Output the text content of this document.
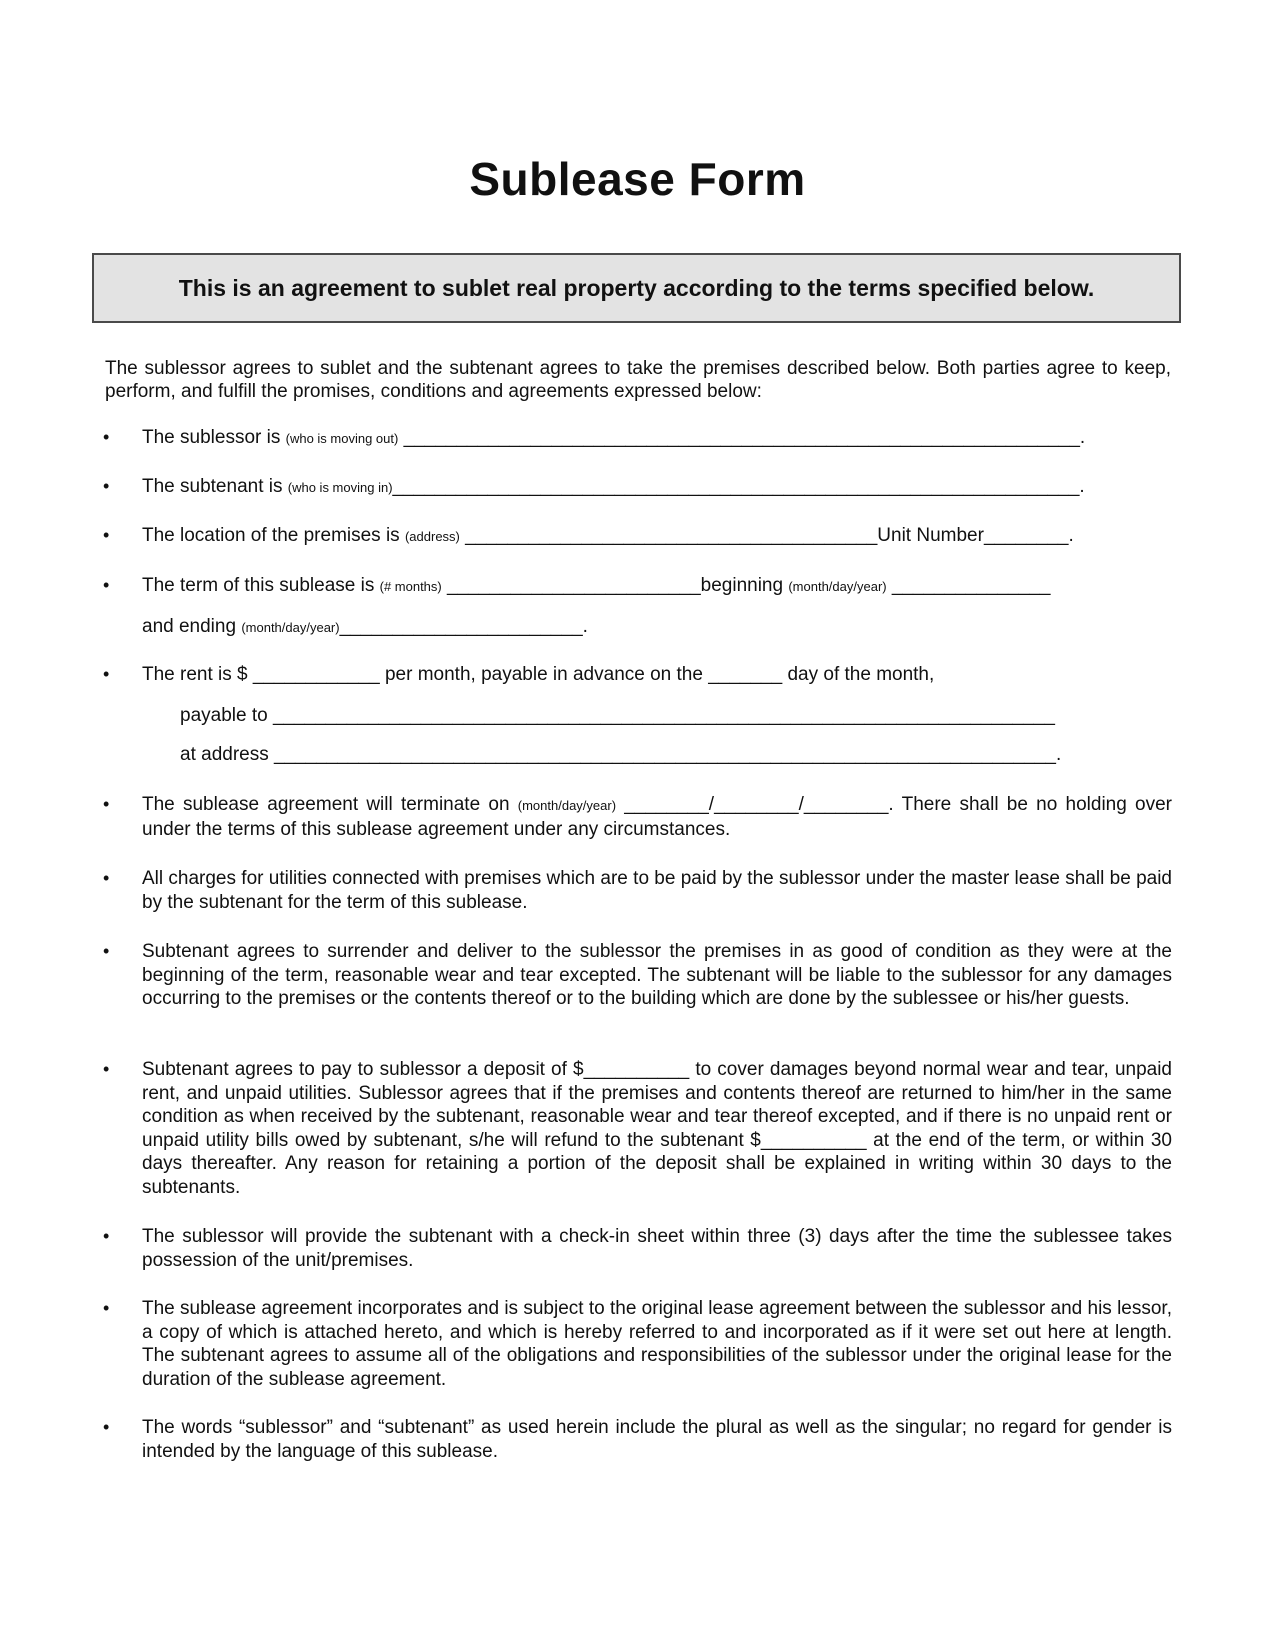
Sublease Form
This is an agreement to sublet real property according to the terms specified below.
The sublessor agrees to sublet and the subtenant agrees to take the premises described below. Both parties agree to keep, perform, and fulfill the promises, conditions and agreements expressed below:
• The sublessor is (who is moving out) ________________________________________________________________.
• The subtenant is (who is moving in)_________________________________________________________________.
• The location of the premises is (address) _______________________________________Unit Number________.
• The term of this sublease is (# months) ________________________beginning (month/day/year) _______________
and ending (month/day/year)_______________________.
• The rent is $ ____________ per month, payable in advance on the _______ day of the month,
payable to __________________________________________________________________________
at address __________________________________________________________________________.
• The sublease agreement will terminate on (month/day/year) ________/________/________. There shall be no holding over under the terms of this sublease agreement under any circumstances.
• All charges for utilities connected with premises which are to be paid by the sublessor under the master lease shall be paid by the subtenant for the term of this sublease.
• Subtenant agrees to surrender and deliver to the sublessor the premises in as good of condition as they were at the beginning of the term, reasonable wear and tear excepted. The subtenant will be liable to the sublessor for any damages occurring to the premises or the contents thereof or to the building which are done by the sublessee or his/her guests.
• Subtenant agrees to pay to sublessor a deposit of $__________ to cover damages beyond normal wear and tear, unpaid rent, and unpaid utilities. Sublessor agrees that if the premises and contents thereof are returned to him/her in the same condition as when received by the subtenant, reasonable wear and tear thereof excepted, and if there is no unpaid rent or unpaid utility bills owed by subtenant, s/he will refund to the subtenant $__________ at the end of the term, or within 30 days thereafter. Any reason for retaining a portion of the deposit shall be explained in writing within 30 days to the subtenants.
• The sublessor will provide the subtenant with a check-in sheet within three (3) days after the time the sublessee takes possession of the unit/premises.
• The sublease agreement incorporates and is subject to the original lease agreement between the sublessor and his lessor, a copy of which is attached hereto, and which is hereby referred to and incorporated as if it were set out here at length. The subtenant agrees to assume all of the obligations and responsibilities of the sublessor under the original lease for the duration of the sublease agreement.
• The words “sublessor” and “subtenant” as used herein include the plural as well as the singular; no regard for gender is intended by the language of this sublease.
